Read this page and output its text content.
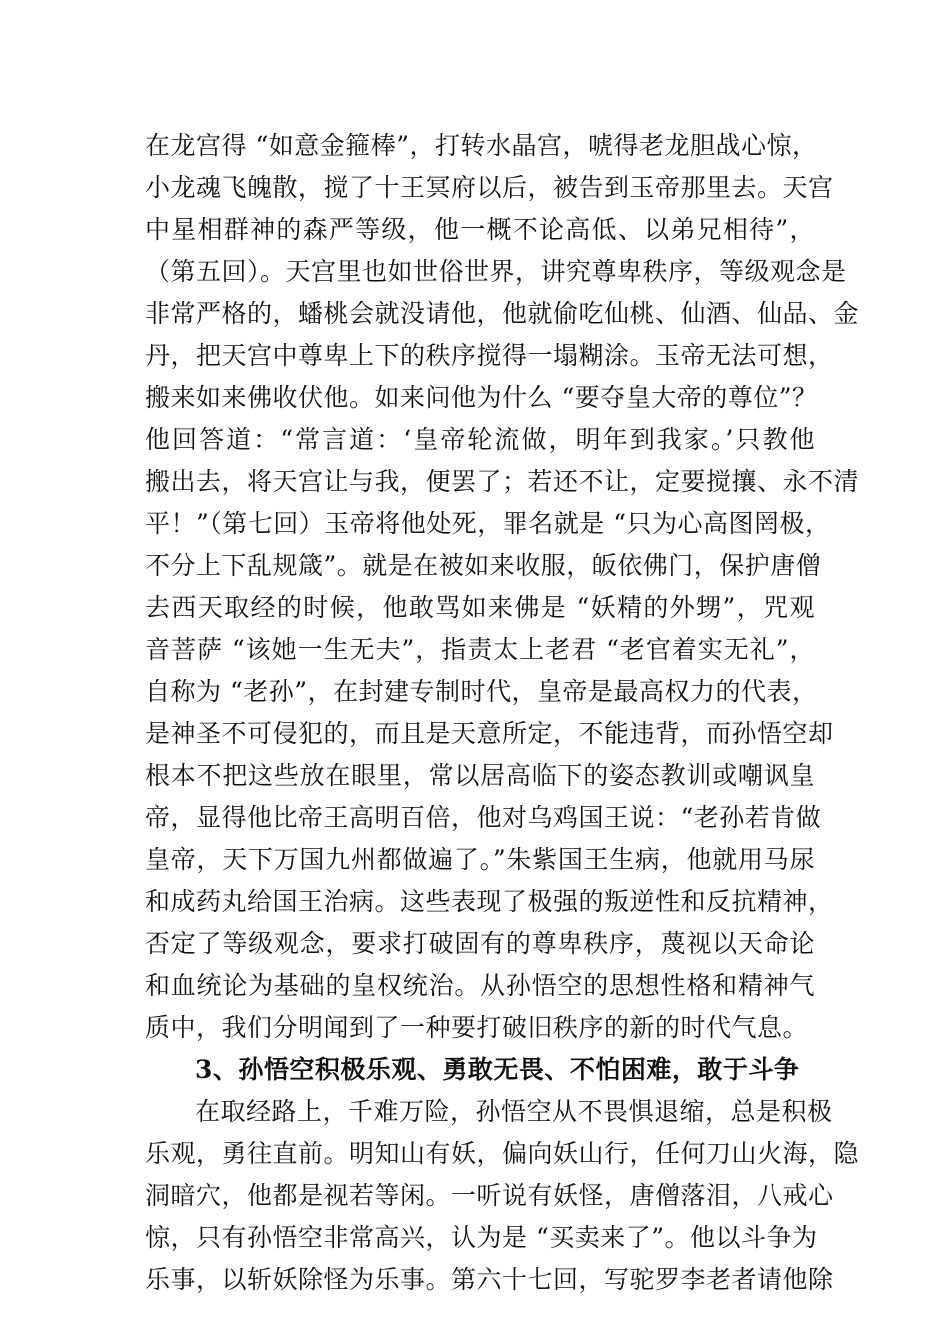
在龙宫得 “如意金箍棒”，打转水晶宫，唬得老龙胆战心惊，
小龙魂飞魄散，搅了十王冥府以后，被告到玉帝那里去。天宫
中星相群神的森严等级，他一概不论高低、以弟兄相待”，
（第五回）。天宫里也如世俗世界，讲究尊卑秩序，等级观念是
非常严格的，蟠桃会就没请他，他就偷吃仙桃、仙酒、仙品、金
丹，把天宫中尊卑上下的秩序搅得一塌糊涂。玉帝无法可想，
搬来如来佛收伏他。如来问他为什么 “要夺皇大帝的尊位”？
他回答道：“常言道：‘皇帝轮流做，明年到我家。’只教他
搬出去，将天宫让与我，便罢了；若还不让，定要搅攘、永不清
平！”（第七回）玉帝将他处死，罪名就是 “只为心高图罔极，
不分上下乱规箴”。就是在被如来收服，皈依佛门，保护唐僧
去西天取经的时候，他敢骂如来佛是 “妖精的外甥”，咒观
音菩萨 “该她一生无夫”，指责太上老君 “老官着实无礼”，
自称为 “老孙”，在封建专制时代，皇帝是最高权力的代表，
是神圣不可侵犯的，而且是天意所定，不能违背，而孙悟空却
根本不把这些放在眼里，常以居高临下的姿态教训或嘲讽皇
帝，显得他比帝王高明百倍，他对乌鸡国王说：“老孙若肯做
皇帝，天下万国九州都做遍了。”朱紫国王生病，他就用马尿
和成药丸给国王治病。这些表现了极强的叛逆性和反抗精神，
否定了等级观念，要求打破固有的尊卑秩序，蔑视以天命论
和血统论为基础的皇权统治。从孙悟空的思想性格和精神气
质中，我们分明闻到了一种要打破旧秩序的新的时代气息。
3、孙悟空积极乐观、勇敢无畏、不怕困难，敢于斗争
在取经路上，千难万险，孙悟空从不畏惧退缩，总是积极
乐观，勇往直前。明知山有妖，偏向妖山行，任何刀山火海，隐
洞暗穴，他都是视若等闲。一听说有妖怪，唐僧落泪，八戒心
惊，只有孙悟空非常高兴，认为是 “买卖来了”。他以斗争为
乐事，以斩妖除怪为乐事。第六十七回，写驼罗李老者请他除
